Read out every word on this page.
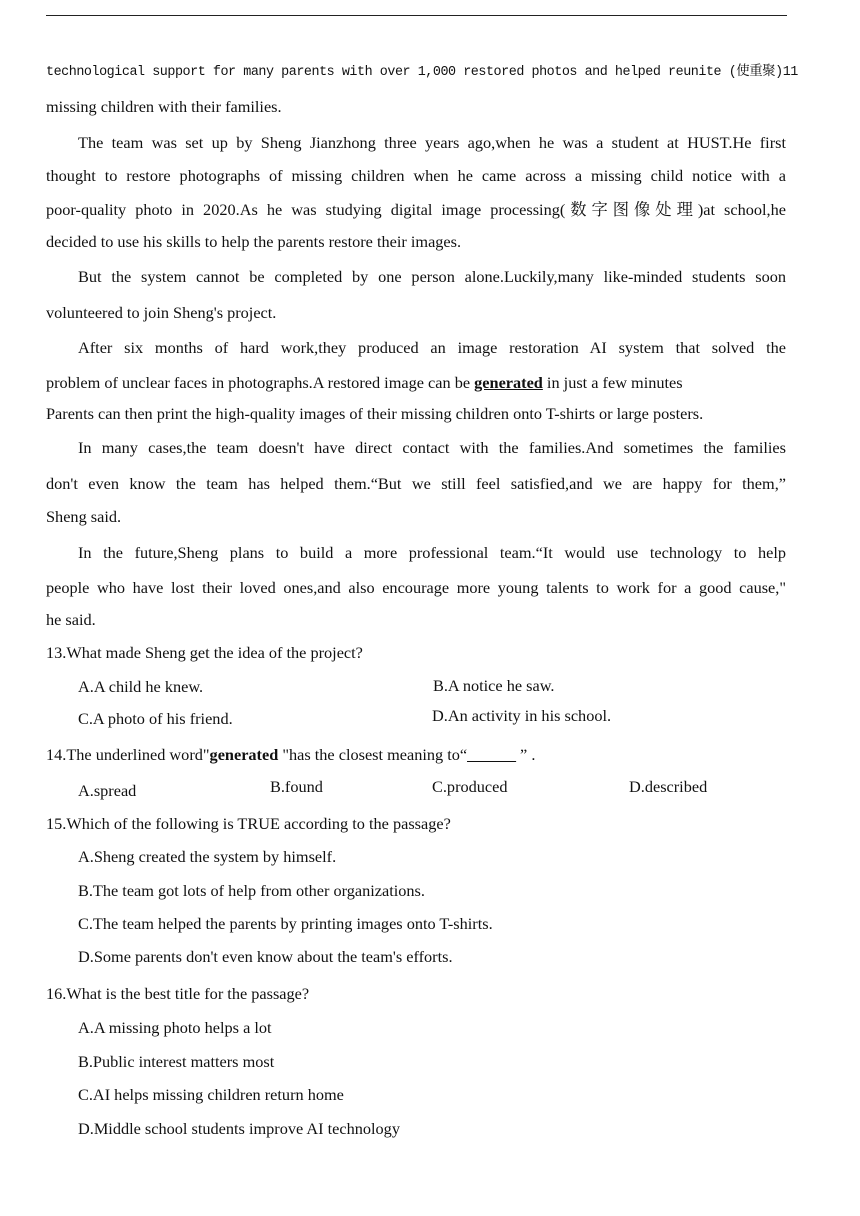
technological support for many parents with over 1,000 restored photos and helped reunite (使重聚)11
missing children with their families.
The team was set up by Sheng Jianzhong three years ago,when he was a student at HUST.He first
thought to restore photographs of missing children when he came across a missing child notice with a
poor-quality photo in 2020.As he was studying digital image processing(数字图像处理)at school,he
decided to use his skills to help the parents restore their images.
But the system cannot be completed by one person alone.Luckily,many like-minded students soon
volunteered to join Sheng's project.
After six months of hard work,they produced an image restoration AI system that solved the
problem of unclear faces in photographs.A restored image can be generated in just a few minutes
Parents can then print the high-quality images of their missing children onto T-shirts or large posters.
In many cases,the team doesn't have direct contact with the families.And sometimes the families
don't even know the team has helped them.“But we still feel satisfied,and we are happy for them,”
Sheng said.
In the future,Sheng plans to build a more professional team.“It would use technology to help
people who have lost their loved ones,and also encourage more young talents to work for a good cause,"
he said.
13.What made Sheng get the idea of the project?
A.A child he knew.	B.A notice he saw.
C.A photo of his friend.	D.An activity in his school.
14.The underlined word"generated "has the closest meaning to“______ ” .
A.spread	B.found	C.produced	D.described
15.Which of the following is TRUE according to the passage?
A.Sheng created the system by himself.
B.The team got lots of help from other organizations.
C.The team helped the parents by printing images onto T-shirts.
D.Some parents don't even know about the team's efforts.
16.What is the best title for the passage?
A.A missing photo helps a lot
B.Public interest matters most
C.AI helps missing children return home
D.Middle school students improve AI technology
